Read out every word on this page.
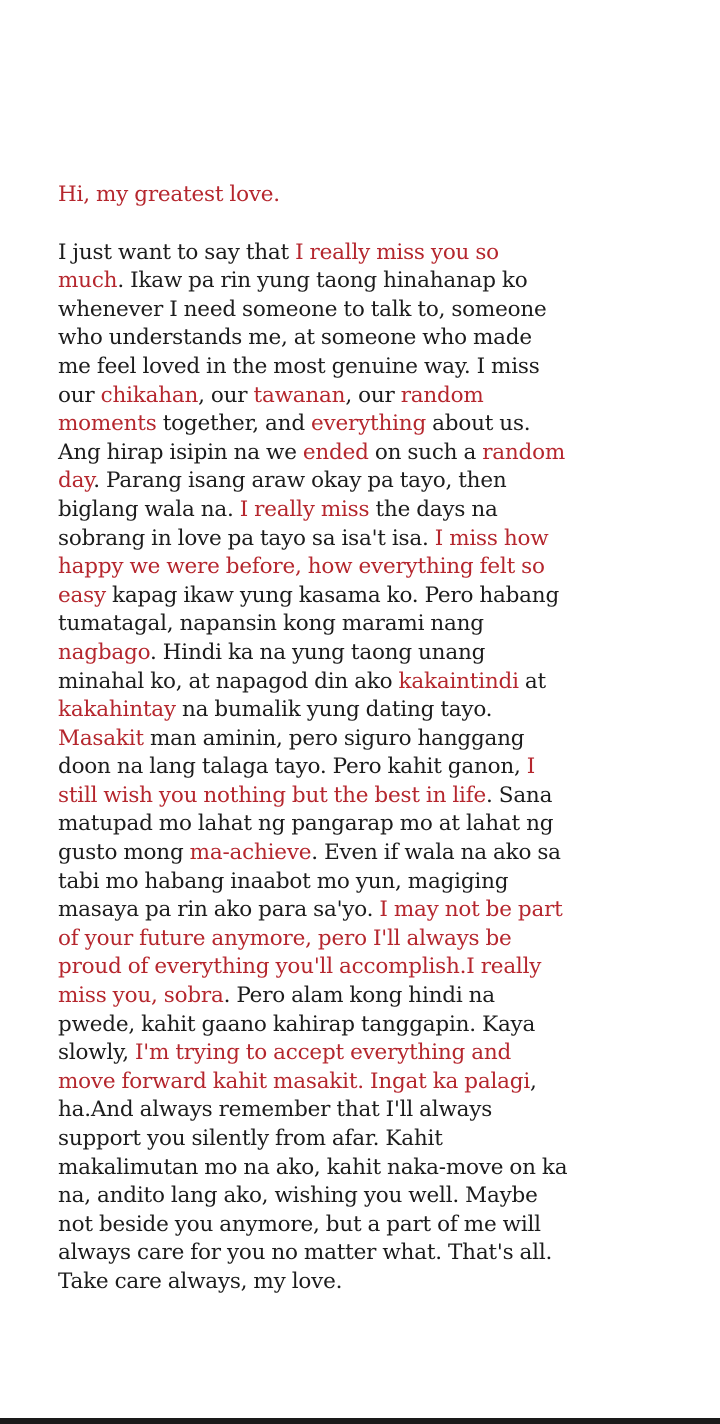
Hi, my greatest love.

I just want to say that I really miss you so much. Ikaw pa rin yung taong hinahanap ko whenever I need someone to talk to, someone who understands me, at someone who made me feel loved in the most genuine way. I miss our chikahan, our tawanan, our random moments together, and everything about us. Ang hirap isipin na we ended on such a random day. Parang isang araw okay pa tayo, then biglang wala na. I really miss the days na sobrang in love pa tayo sa isa't isa. I miss how happy we were before, how everything felt so easy kapag ikaw yung kasama ko. Pero habang tumatagal, napansin kong marami nang nagbago. Hindi ka na yung taong unang minahal ko, at napagod din ako kakaintindi at kakahintay na bumalik yung dating tayo. Masakit man aminin, pero siguro hanggang doon na lang talaga tayo. Pero kahit ganon, I still wish you nothing but the best in life. Sana matupad mo lahat ng pangarap mo at lahat ng gusto mong ma-achieve. Even if wala na ako sa tabi mo habang inaabot mo yun, magiging masaya pa rin ako para sa'yo. I may not be part of your future anymore, pero I'll always be proud of everything you'll accomplish.I really miss you, sobra. Pero alam kong hindi na pwede, kahit gaano kahirap tanggapin. Kaya slowly, I'm trying to accept everything and move forward kahit masakit. Ingat ka palagi, ha.And always remember that I'll always support you silently from afar. Kahit makalimutan mo na ako, kahit naka-move on ka na, andito lang ako, wishing you well. Maybe not beside you anymore, but a part of me will always care for you no matter what. That's all. Take care always, my love.
